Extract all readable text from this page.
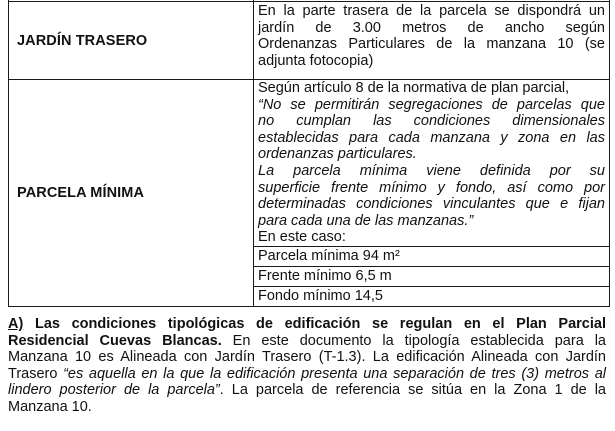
JARDÍN TRASERO
En la parte trasera de la parcela se dispondrá un
jardín de 3.00 metros de ancho según
Ordenanzas Particulares de la manzana 10 (se
adjunta fotocopia)
PARCELA MÍNIMA
Según artículo 8 de la normativa de plan parcial,
“No se permitirán segregaciones de parcelas que
no cumplan las condiciones dimensionales
establecidas para cada manzana y zona en las
ordenanzas particulares.
La parcela mínima viene definida por su
superficie frente mínimo y fondo, así como por
determinadas condiciones vinculantes que e fijan
para cada una de las manzanas.”
En este caso:
Parcela mínima 94 m²
Frente mínimo 6,5 m
Fondo mínimo 14,5
A) Las condiciones tipológicas de edificación se regulan en el Plan Parcial
Residencial Cuevas Blancas. En este documento la tipología establecida para la
Manzana 10 es Alineada con Jardín Trasero (T-1.3). La edificación Alineada con Jardín
Trasero “es aquella en la que la edificación presenta una separación de tres (3) metros al
lindero posterior de la parcela”. La parcela de referencia se sitúa en la Zona 1 de la
Manzana 10.
